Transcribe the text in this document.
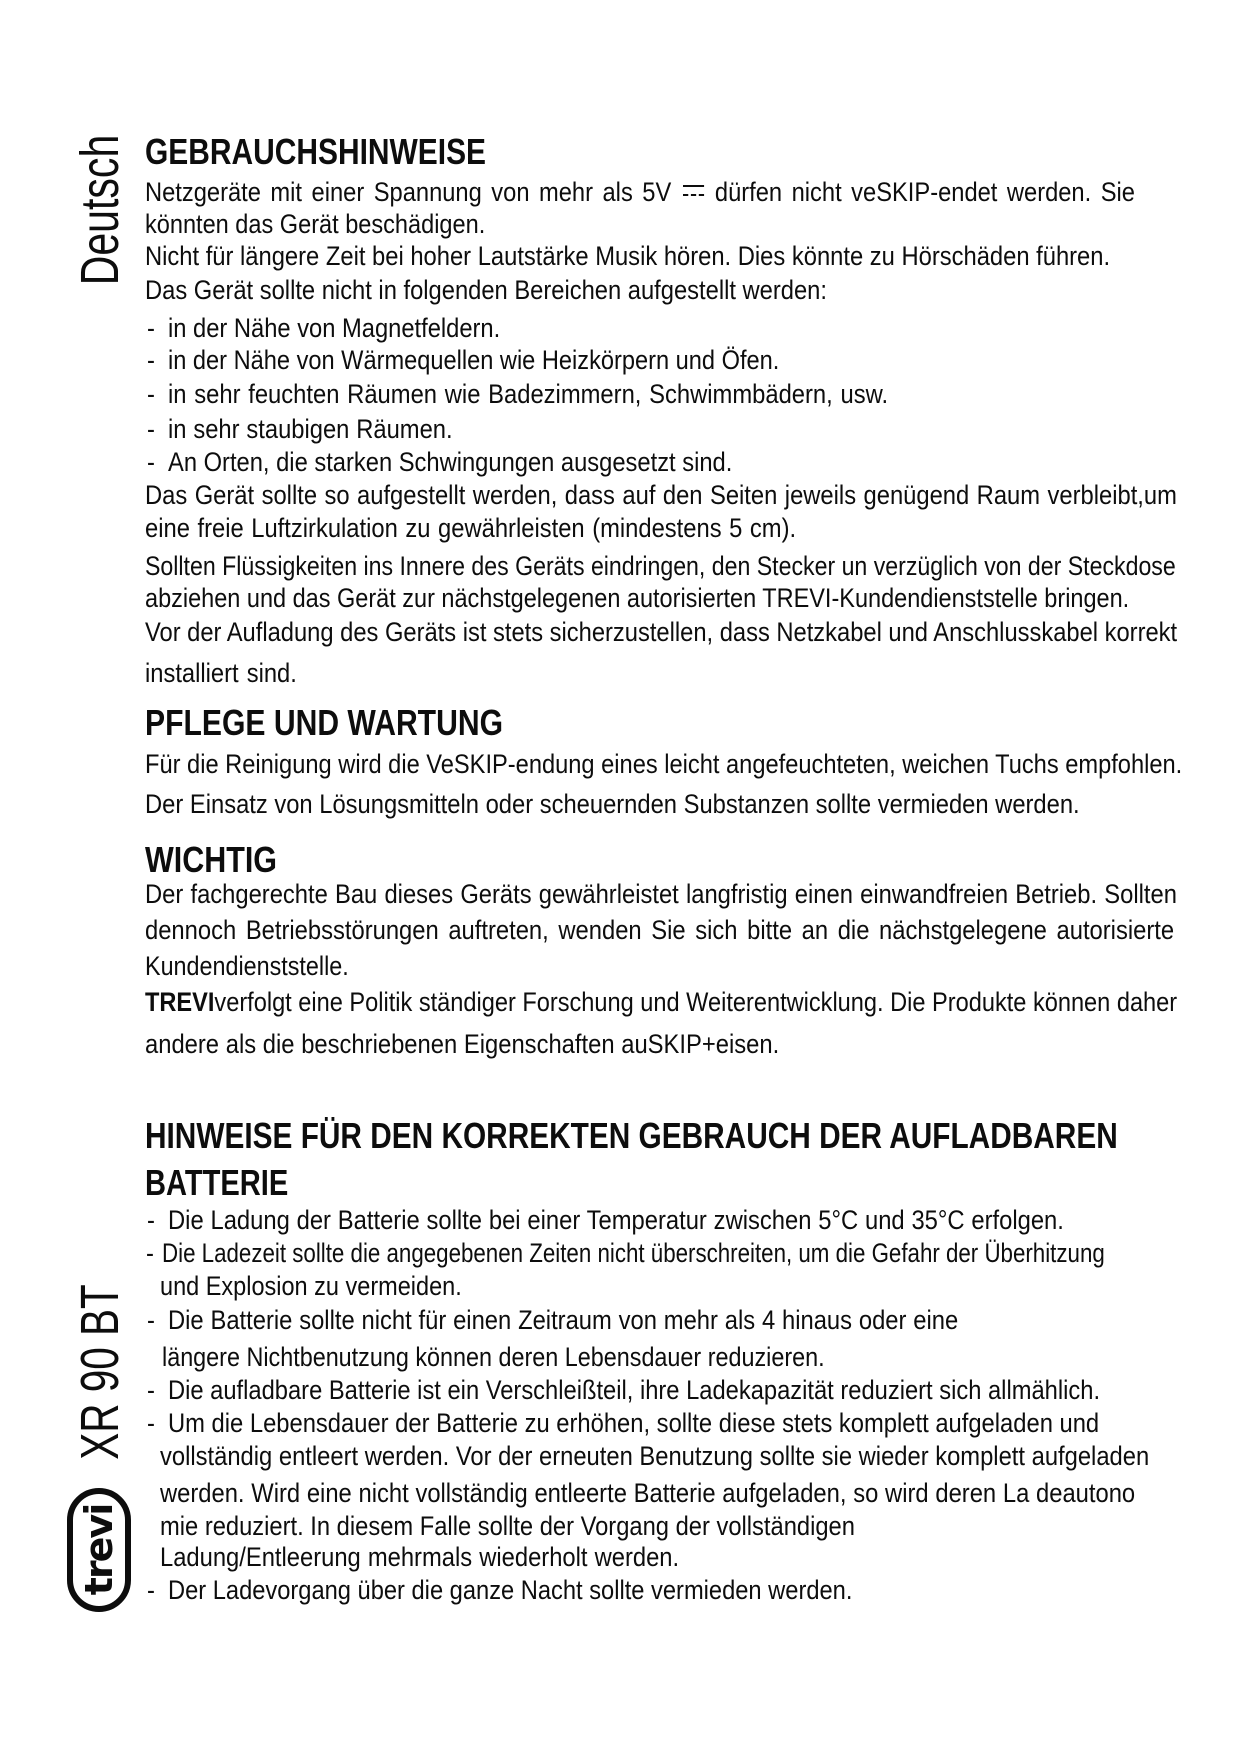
Deutsch
XR 90 BT
trevi
GEBRAUCHSHINWEISE
Netzgeräte mit einer Spannung von mehr als 5V dürfen nicht veSKIP-endet werden. Sie
könnten das Gerät beschädigen.
Nicht für längere Zeit bei hoher Lautstärke Musik hören. Dies könnte zu Hörschäden führen.
Das Gerät sollte nicht in folgenden Bereichen aufgestellt werden:
- in der Nähe von Magnetfeldern.
- in der Nähe von Wärmequellen wie Heizkörpern und Öfen.
- in sehr feuchten Räumen wie Badezimmern, Schwimmbädern, usw.
- in sehr staubigen Räumen.
- An Orten, die starken Schwingungen ausgesetzt sind.
Das Gerät sollte so aufgestellt werden, dass auf den Seiten jeweils genügend Raum verbleibt,um
eine freie Luftzirkulation zu gewährleisten (mindestens 5 cm).
Sollten Flüssigkeiten ins Innere des Geräts eindringen, den Stecker un verzüglich von der Steckdose
abziehen und das Gerät zur nächstgelegenen autorisierten TREVI-Kundendienststelle bringen.
Vor der Aufladung des Geräts ist stets sicherzustellen, dass Netzkabel und Anschlusskabel korrekt
installiert sind.
PFLEGE UND WARTUNG
Für die Reinigung wird die VeSKIP-endung eines leicht angefeuchteten, weichen Tuchs empfohlen.
Der Einsatz von Lösungsmitteln oder scheuernden Substanzen sollte vermieden werden.
WICHTIG
Der fachgerechte Bau dieses Geräts gewährleistet langfristig einen einwandfreien Betrieb. Sollten
dennoch Betriebsstörungen auftreten, wenden Sie sich bitte an die nächstgelegene autorisierte
Kundendienststelle.
TREVIverfolgt eine Politik ständiger Forschung und Weiterentwicklung. Die Produkte können daher
andere als die beschriebenen Eigenschaften auSKIP+eisen.
HINWEISE FÜR DEN KORREKTEN GEBRAUCH DER AUFLADBAREN
BATTERIE
- Die Ladung der Batterie sollte bei einer Temperatur zwischen 5°C und 35°C erfolgen.
- Die Ladezeit sollte die angegebenen Zeiten nicht überschreiten, um die Gefahr der Überhitzung
und Explosion zu vermeiden.
- Die Batterie sollte nicht für einen Zeitraum von mehr als 4 hinaus oder eine
längere Nichtbenutzung können deren Lebensdauer reduzieren.
- Die aufladbare Batterie ist ein Verschleißteil, ihre Ladekapazität reduziert sich allmählich.
- Um die Lebensdauer der Batterie zu erhöhen, sollte diese stets komplett aufgeladen und
vollständig entleert werden. Vor der erneuten Benutzung sollte sie wieder komplett aufgeladen
werden. Wird eine nicht vollständig entleerte Batterie aufgeladen, so wird deren La deautono
mie reduziert. In diesem Falle sollte der Vorgang der vollständigen
Ladung/Entleerung mehrmals wiederholt werden.
- Der Ladevorgang über die ganze Nacht sollte vermieden werden.
